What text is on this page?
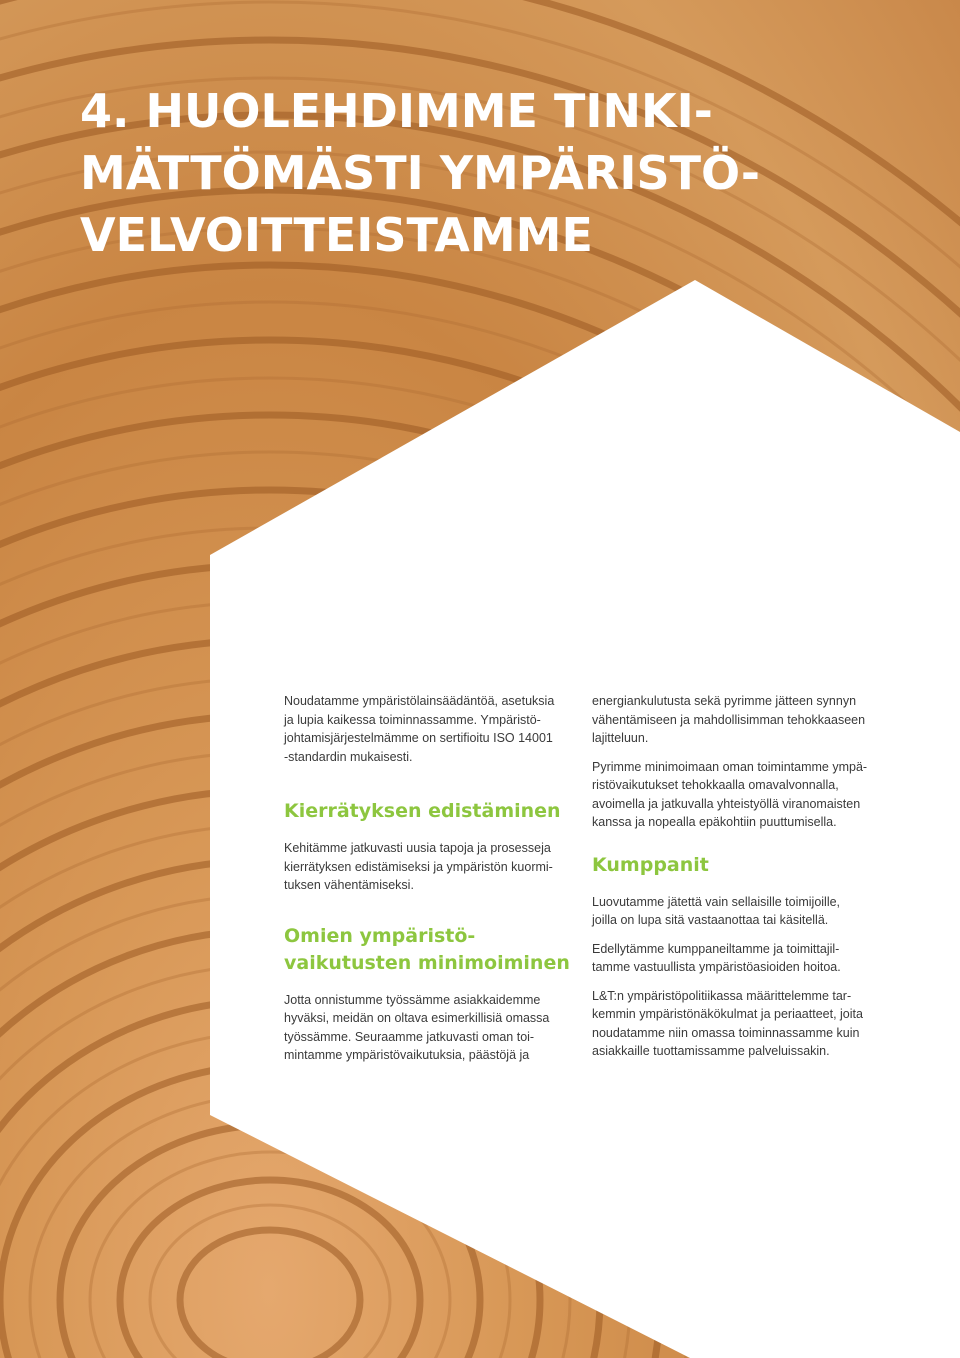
4. HUOLEHDIMME TINKI-
MÄTTÖMÄSTI YMPÄRISTÖ-
VELVOITTEISTAMME

Noudatamme ympäristölainsäädäntöä, asetuksia
ja lupia kaikessa toiminnassamme. Ympäristö-
johtamisjärjestelmämme on sertifioitu ISO 14001
-standardin mukaisesti.

Kierrätyksen edistäminen

Kehitämme jatkuvasti uusia tapoja ja prosesseja
kierrätyksen edistämiseksi ja ympäristön kuormi-
tuksen vähentämiseksi.

Omien ympäristö-
vaikutusten minimoiminen

Jotta onnistumme työssämme asiakkaidemme
hyväksi, meidän on oltava esimerkillisiä omassa
työssämme. Seuraamme jatkuvasti oman toi-
mintamme ympäristövaikutuksia, päästöjä ja

energiankulutusta sekä pyrimme jätteen synnyn
vähentämiseen ja mahdollisimman tehokkaaseen
lajitteluun.

Pyrimme minimoimaan oman toimintamme ympä-
ristövaikutukset tehokkaalla omavalvonnalla,
avoimella ja jatkuvalla yhteistyöllä viranomaisten
kanssa ja nopealla epäkohtiin puuttumisella.

Kumppanit

Luovutamme jätettä vain sellaisille toimijoille,
joilla on lupa sitä vastaanottaa tai käsitellä.

Edellytämme kumppaneiltamme ja toimittajil-
tamme vastuullista ympäristöasioiden hoitoa.

L&T:n ympäristöpolitiikassa määrittelemme tar-
kemmin ympäristönäkökulmat ja periaatteet, joita
noudatamme niin omassa toiminnassamme kuin
asiakkaille tuottamissamme palveluissakin.
